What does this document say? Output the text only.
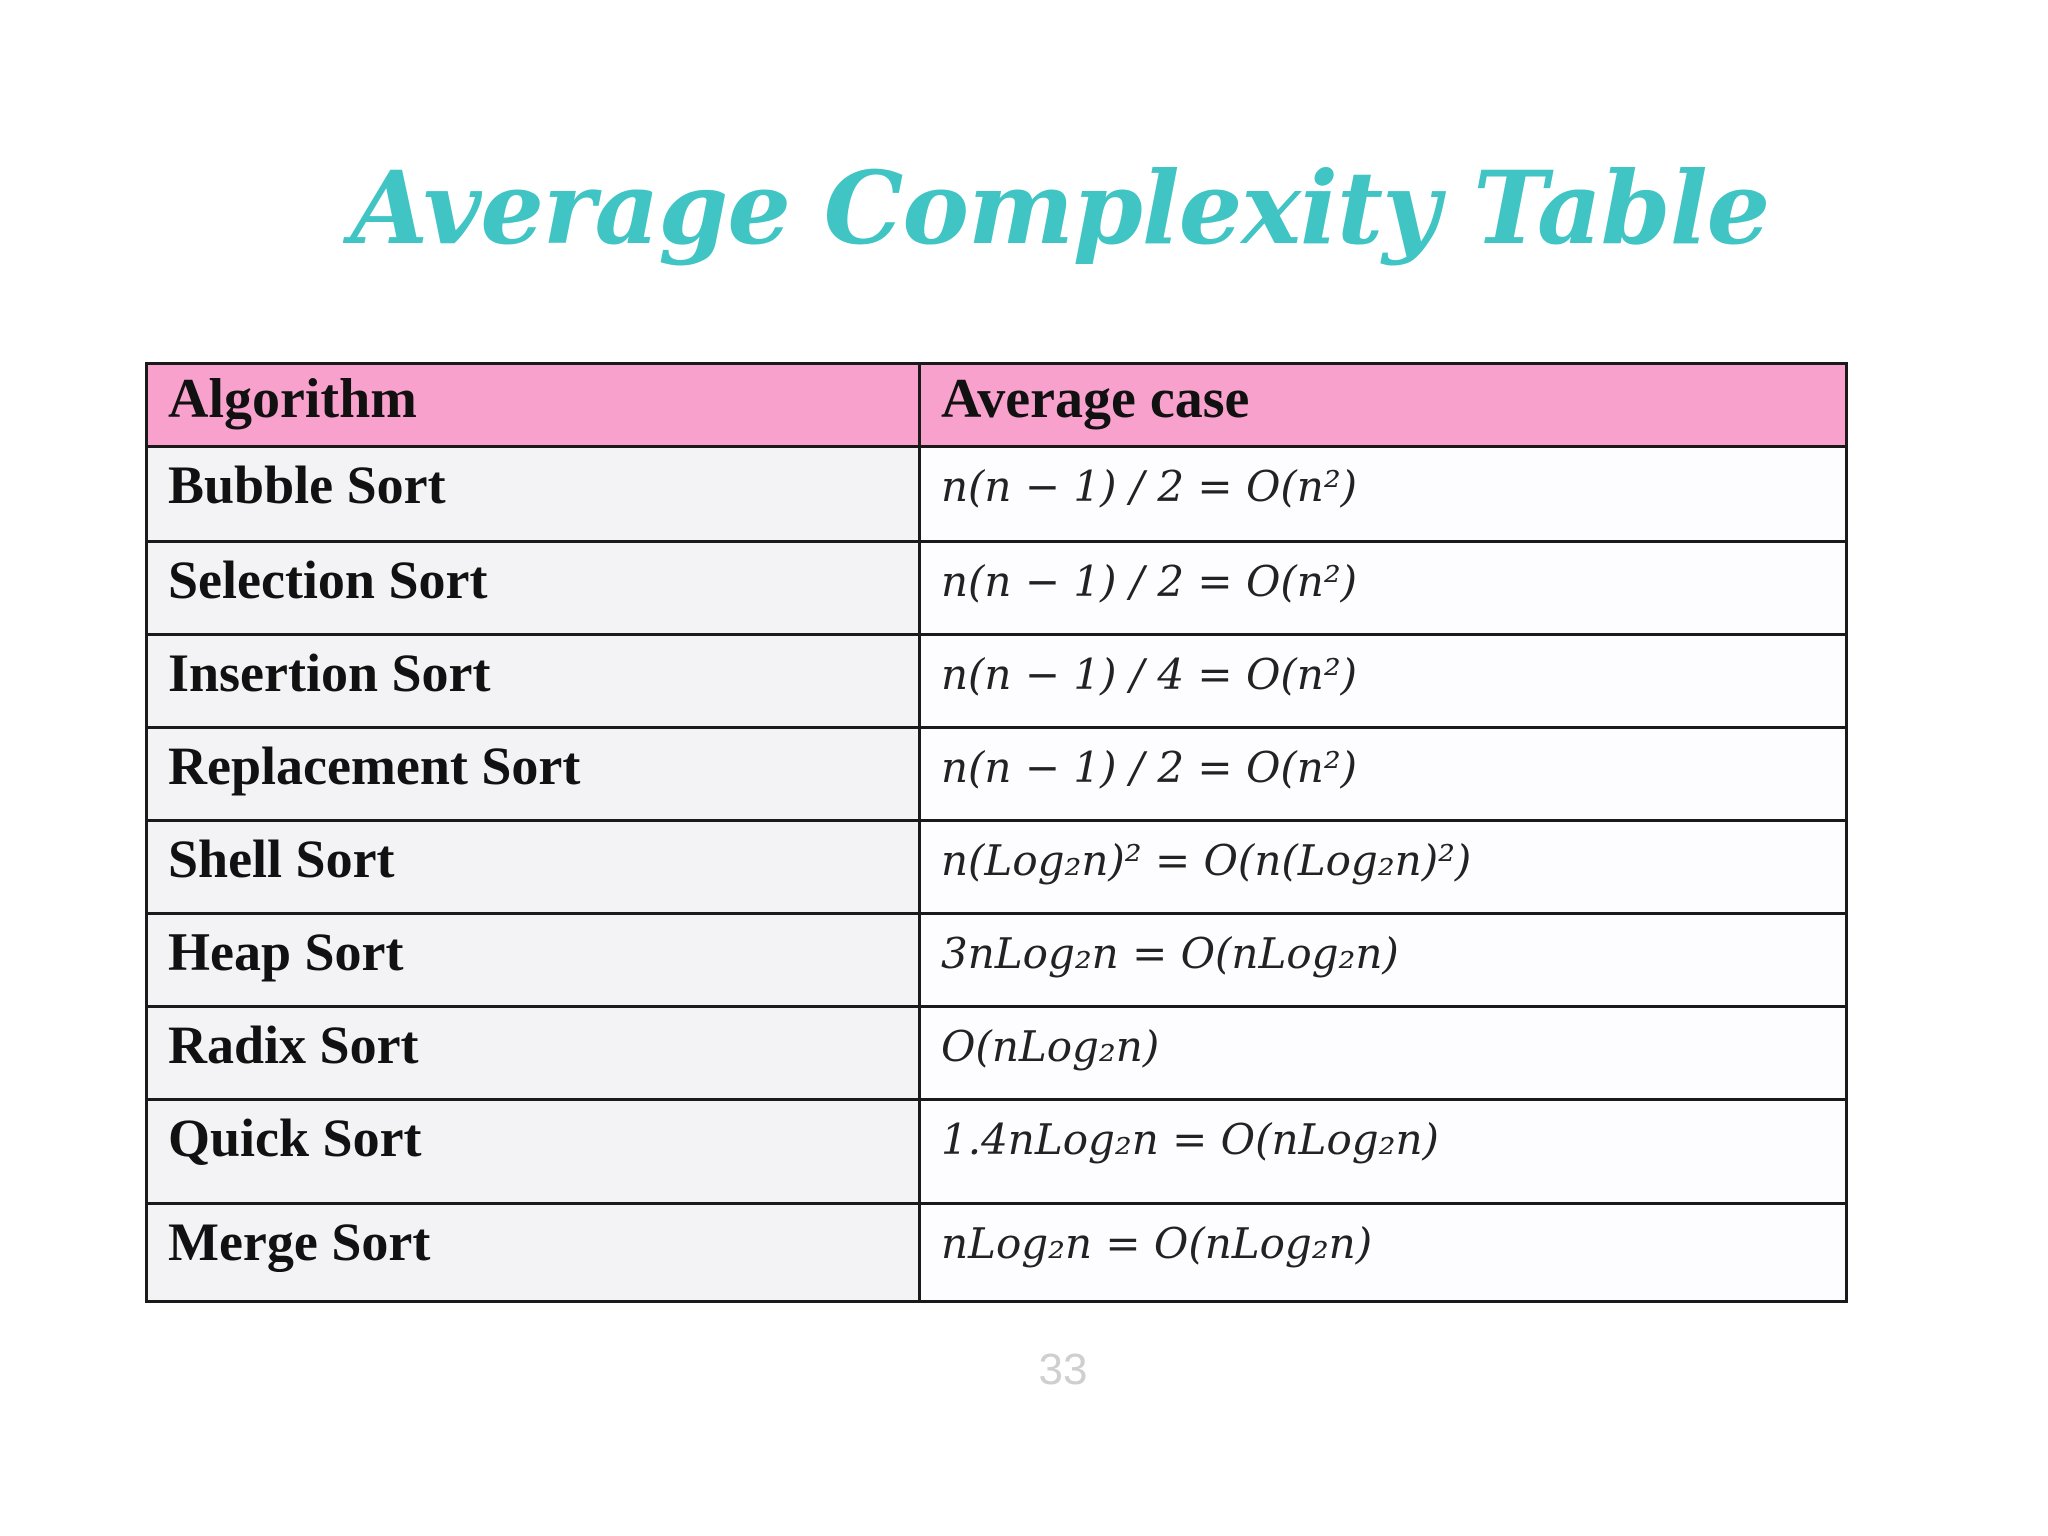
Average Complexity Table
Algorithm	Average case
Bubble Sort	n(n − 1) / 2 = O(n²)
Selection Sort	n(n − 1) / 2 = O(n²)
Insertion Sort	n(n − 1) / 4 = O(n²)
Replacement Sort	n(n − 1) / 2 = O(n²)
Shell Sort	n(Log₂n)² = O(n(Log₂n)²)
Heap Sort	3nLog₂n = O(nLog₂n)
Radix Sort	O(nLog₂n)
Quick Sort	1.4nLog₂n = O(nLog₂n)
Merge Sort	nLog₂n = O(nLog₂n)
33
